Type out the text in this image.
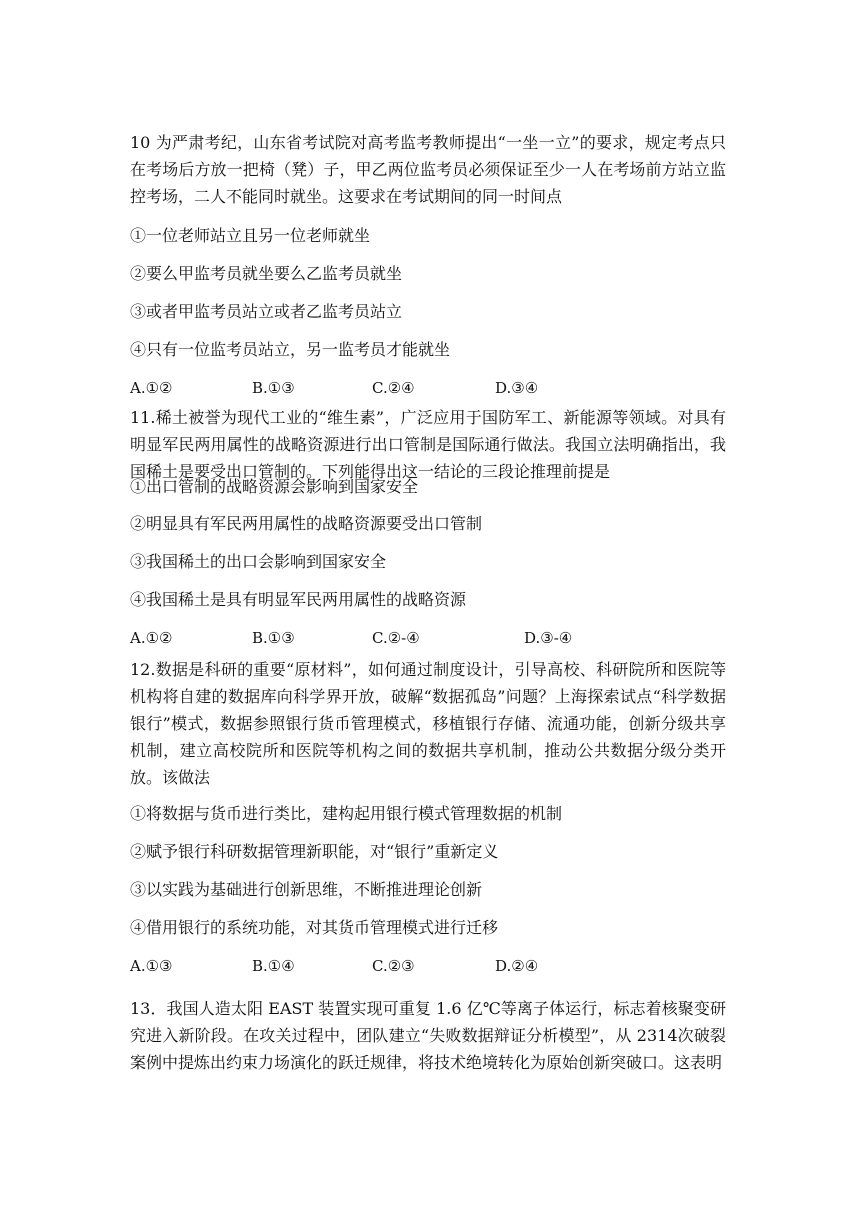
10 为严肃考纪，山东省考试院对高考监考教师提出“一坐一立”的要求，规定考点只在考场后方放一把椅（凳）子，甲乙两位监考员必须保证至少一人在考场前方站立监控考场，二人不能同时就坐。这要求在考试期间的同一时间点

①一位老师站立且另一位老师就坐
②要么甲监考员就坐要么乙监考员就坐
③或者甲监考员站立或者乙监考员站立
④只有一位监考员站立，另一监考员才能就坐
A.①②	B.①③	C.②④	D.③④

11.稀土被誉为现代工业的“维生素”，广泛应用于国防军工、新能源等领域。对具有明显军民两用属性的战略资源进行出口管制是国际通行做法。我国立法明确指出，我国稀土是要受出口管制的。下列能得出这一结论的三段论推理前提是

①出口管制的战略资源会影响到国家安全
②明显具有军民两用属性的战略资源要受出口管制
③我国稀土的出口会影响到国家安全
④我国稀土是具有明显军民两用属性的战略资源
A.①②	B.①③	C.②-④	D.③-④

12.数据是科研的重要“原材料”，如何通过制度设计，引导高校、科研院所和医院等机构将自建的数据库向科学界开放，破解“数据孤岛”问题？上海探索试点“科学数据银行”模式，数据参照银行货币管理模式，移植银行存储、流通功能，创新分级共享机制，建立高校院所和医院等机构之间的数据共享机制，推动公共数据分级分类开放。该做法

①将数据与货币进行类比，建构起用银行模式管理数据的机制
②赋予银行科研数据管理新职能，对“银行”重新定义
③以实践为基础进行创新思维，不断推进理论创新
④借用银行的系统功能，对其货币管理模式进行迁移
A.①③	B.①④	C.②③	D.②④

13．我国人造太阳 EAST 装置实现可重复 1.6 亿℃等离子体运行，标志着核聚变研究进入新阶段。在攻关过程中，团队建立“失败数据辩证分析模型”，从 2314次破裂案例中提炼出约束力场演化的跃迁规律，将技术绝境转化为原始创新突破口。这表明
